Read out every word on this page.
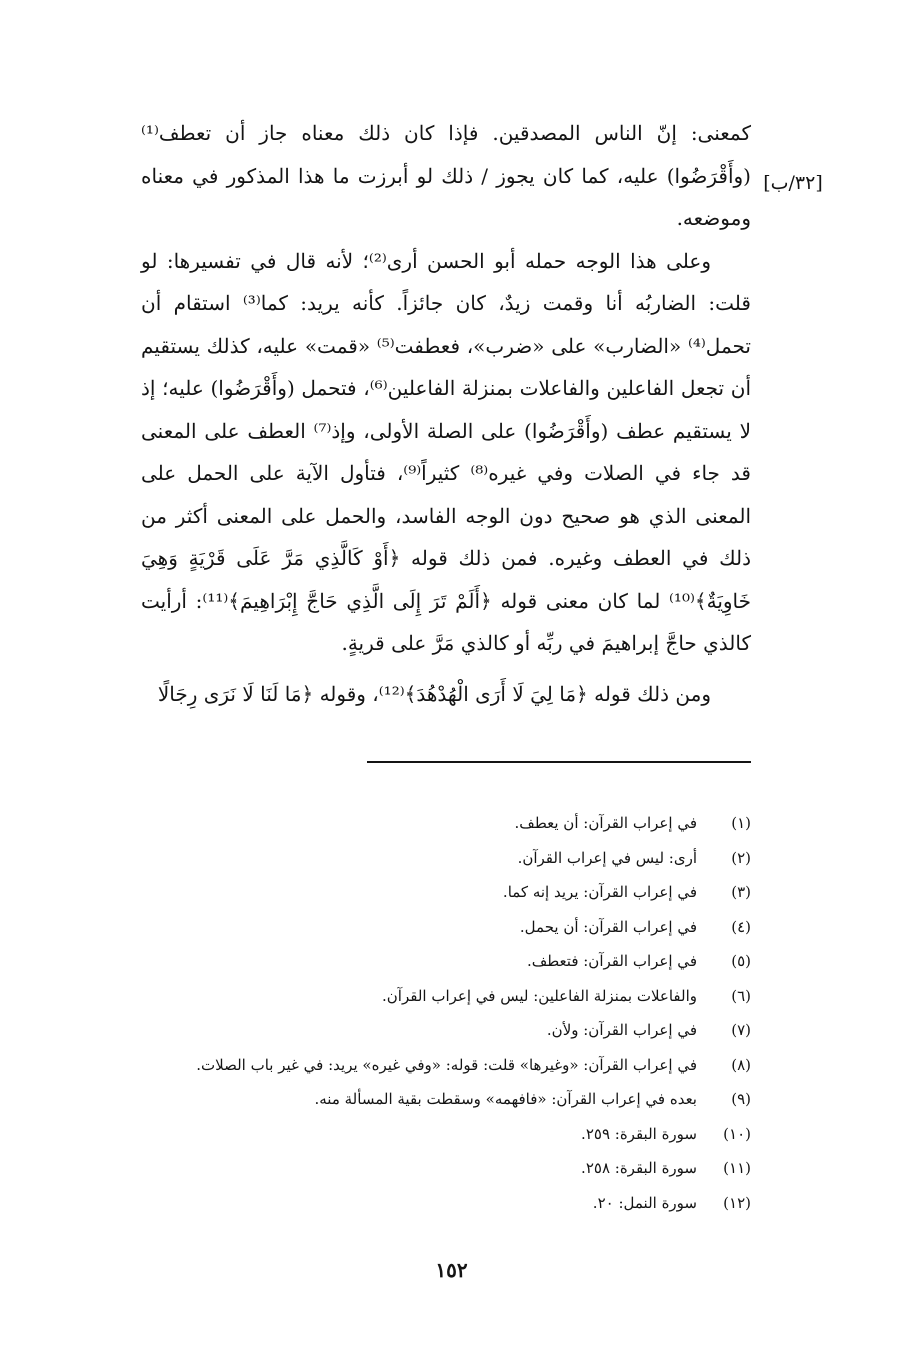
[٣٢/ب]

كمعنى: إنّ الناس المصدقين. فإذا كان ذلك معناه جاز أن تعطف⁽¹⁾ (وأَقْرَضُوا) عليه، كما كان يجوز / ذلك لو أبرزت ما هذا المذكور في معناه وموضعه.

وعلى هذا الوجه حمله أبو الحسن أرى⁽²⁾؛ لأنه قال في تفسيرها: لو قلت: الضاربُه أنا وقمت زيدٌ، كان جائزاً. كأنه يريد: كما⁽³⁾ استقام أن تحمل⁽⁴⁾ «الضارب» على «ضرب»، فعطفت⁽⁵⁾ «قمت» عليه، كذلك يستقيم أن تجعل الفاعلين والفاعلات بمنزلة الفاعلين⁽⁶⁾، فتحمل (وأَقْرَضُوا) عليه؛ إذ لا يستقيم عطف (وأَقْرَضُوا) على الصلة الأولى، وإذ⁽⁷⁾ العطف على المعنى قد جاء في الصلات وفي غيره⁽⁸⁾ كثيراً⁽⁹⁾، فتأول الآية على الحمل على المعنى الذي هو صحيح دون الوجه الفاسد، والحمل على المعنى أكثر من ذلك في العطف وغيره. فمن ذلك قوله ﴿أَوْ كَالَّذِي مَرَّ عَلَى قَرْيَةٍ وَهِيَ خَاوِيَةٌ﴾⁽¹⁰⁾ لما كان معنى قوله ﴿أَلَمْ تَرَ إِلَى الَّذِي حَاجَّ إِبْرَاهِيمَ﴾⁽¹¹⁾: أرأيت كالذي حاجَّ إبراهيمَ في ربِّه أو كالذي مَرَّ على قريةٍ.

ومن ذلك قوله ﴿مَا لِيَ لَا أَرَى الْهُدْهُدَ﴾⁽¹²⁾، وقوله ﴿مَا لَنَا لَا نَرَى رِجَالًا

(١)
في إعراب القرآن: أن يعطف.
(٢)
أرى: ليس في إعراب القرآن.
(٣)
في إعراب القرآن: يريد إنه كما.
(٤)
في إعراب القرآن: أن يحمل.
(٥)
في إعراب القرآن: فتعطف.
(٦)
والفاعلات بمنزلة الفاعلين: ليس في إعراب القرآن.
(٧)
في إعراب القرآن: ولأن.
(٨)
في إعراب القرآن: «وغيرها» قلت: قوله: «وفي غيره» يريد: في غير باب الصلات.
(٩)
بعده في إعراب القرآن: «فافهمه» وسقطت بقية المسألة منه.
(١٠)
سورة البقرة: ٢٥٩.
(١١)
سورة البقرة: ٢٥٨.
(١٢)
سورة النمل: ٢٠.
١٥٢
